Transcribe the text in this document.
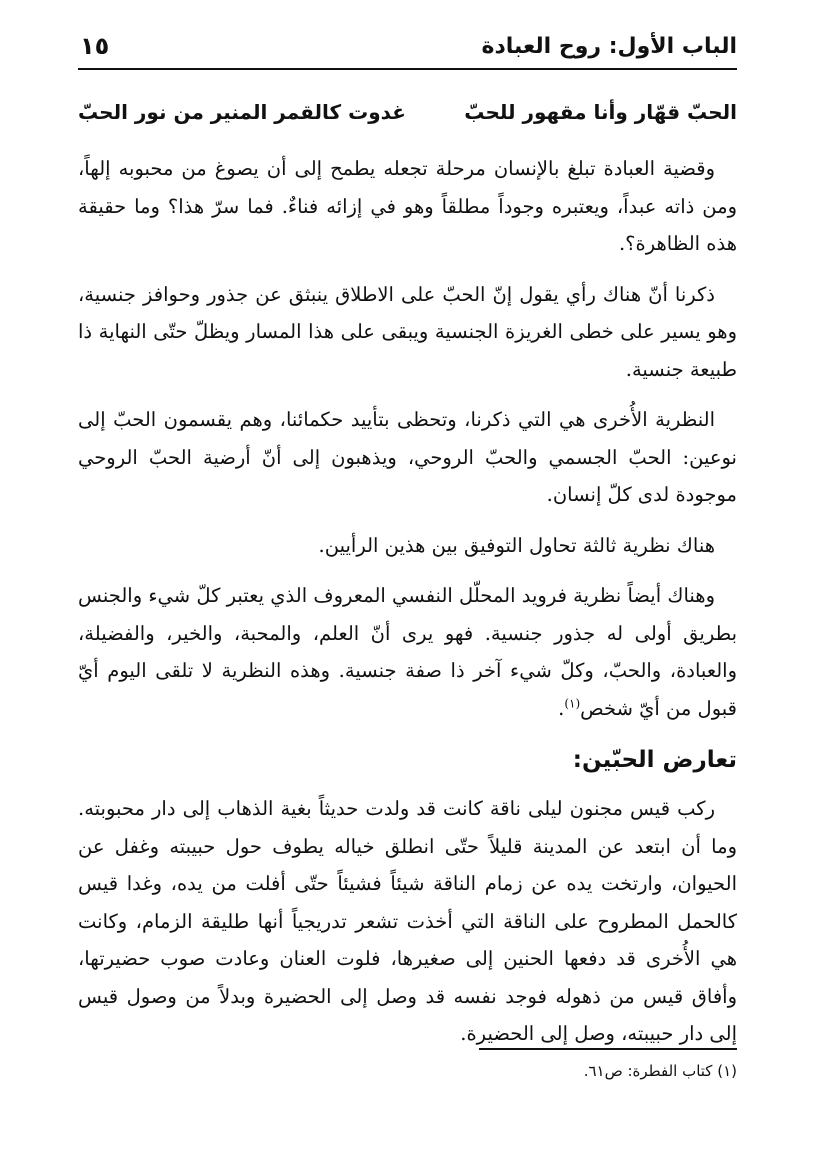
الباب الأول: روح العبادة
١٥
الحبّ قهّار وأنا مقهور للحبّ
غدوت كالقمر المنير من نور الحبّ

وقضية العبادة تبلغ بالإنسان مرحلة تجعله يطمح إلى أن يصوغ من محبوبه إلهاً، ومن ذاته عبداً، ويعتبره وجوداً مطلقاً وهو في إزائه فناءٌ. فما سرّ هذا؟ وما حقيقة هذه الظاهرة؟.

ذكرنا أنّ هناك رأي يقول إنّ الحبّ على الاطلاق ينبثق عن جذور وحوافز جنسية، وهو يسير على خطى الغريزة الجنسية ويبقى على هذا المسار ويظلّ حتّى النهاية ذا طبيعة جنسية.

النظرية الأُخرى هي التي ذكرنا، وتحظى بتأييد حكمائنا، وهم يقسمون الحبّ إلى نوعين: الحبّ الجسمي والحبّ الروحي، ويذهبون إلى أنّ أرضية الحبّ الروحي موجودة لدى كلّ إنسان.

هناك نظرية ثالثة تحاول التوفيق بين هذين الرأيين.

وهناك أيضاً نظرية فرويد المحلّل النفسي المعروف الذي يعتبر كلّ شيء والجنس بطريق أولى له جذور جنسية. فهو يرى أنّ العلم، والمحبة، والخير، والفضيلة، والعبادة، والحبّ، وكلّ شيء آخر ذا صفة جنسية. وهذه النظرية لا تلقى اليوم أيّ قبول من أيّ شخص$^{(١)}$.

تعارض الحبّين:

ركب قيس مجنون ليلى ناقة كانت قد ولدت حديثاً بغية الذهاب إلى دار محبوبته. وما أن ابتعد عن المدينة قليلاً حتّى انطلق خياله يطوف حول حبيبته وغفل عن الحيوان، وارتخت يده عن زمام الناقة شيئاً فشيئاً حتّى أفلت من يده، وغدا قيس كالحمل المطروح على الناقة التي أخذت تشعر تدريجياً أنها طليقة الزمام، وكانت هي الأُخرى قد دفعها الحنين إلى صغيرها، فلوت العنان وعادت صوب حضيرتها، وأفاق قيس من ذهوله فوجد نفسه قد وصل إلى الحضيرة وبدلاً من وصول قيس إلى دار حبيبته، وصل إلى الحضيرة.

(١) كتاب الفطرة: ص٦١.
